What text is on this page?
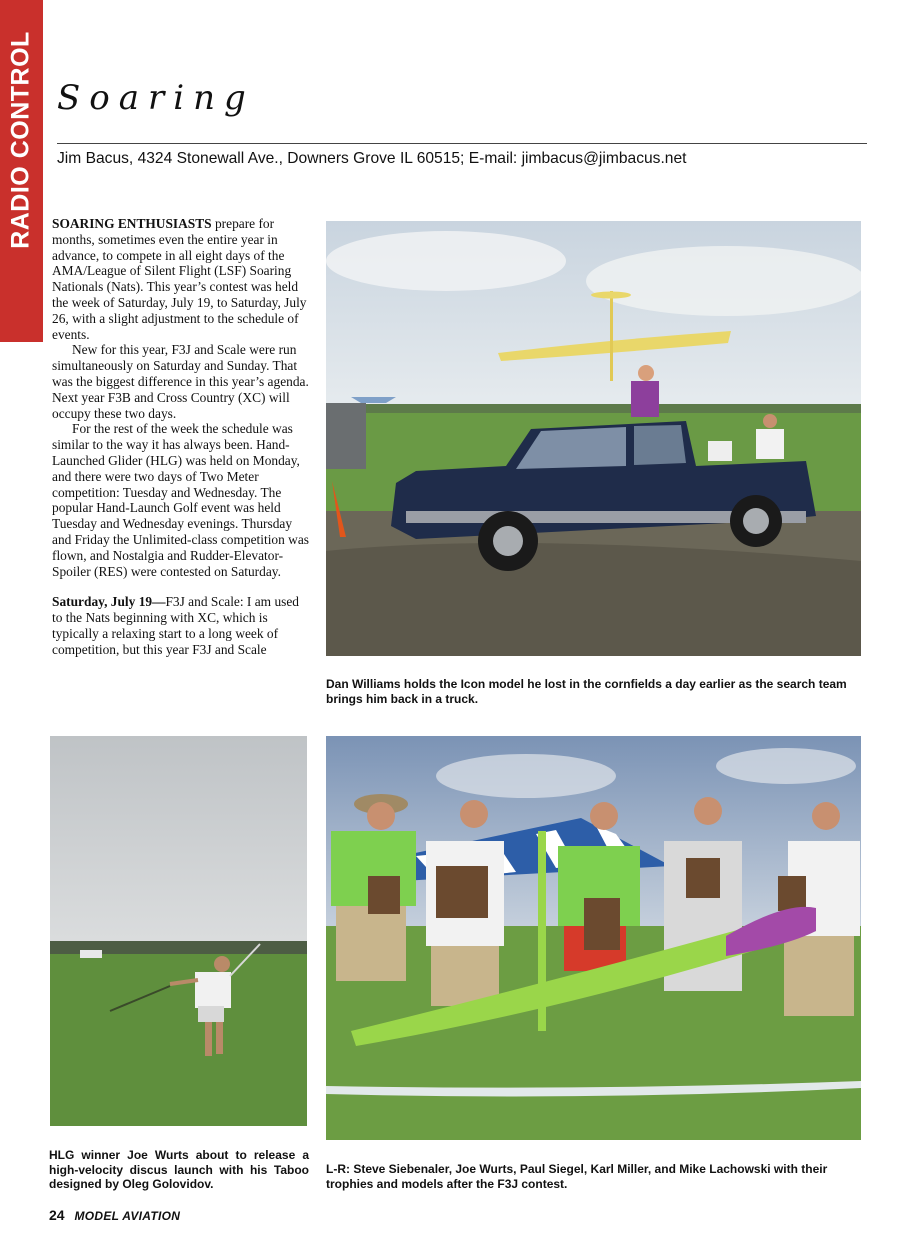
RADIO CONTROL Soaring
Jim Bacus, 4324 Stonewall Ave., Downers Grove IL 60515; E-mail: jimbacus@jimbacus.net

SOARING ENTHUSIASTS prepare for months, sometimes even the entire year in advance, to compete in all eight days of the AMA/League of Silent Flight (LSF) Soaring Nationals (Nats). This year’s contest was held the week of Saturday, July 19, to Saturday, July 26, with a slight adjustment to the schedule of events.

New for this year, F3J and Scale were run simultaneously on Saturday and Sunday. That was the biggest difference in this year’s agenda. Next year F3B and Cross Country (XC) will occupy these two days.

For the rest of the week the schedule was similar to the way it has always been. Hand-Launched Glider (HLG) was held on Monday, and there were two days of Two Meter competition: Tuesday and Wednesday. The popular Hand-Launch Golf event was held Tuesday and Wednesday evenings. Thursday and Friday the Unlimited-class competition was flown, and Nostalgia and Rudder-Elevator-Spoiler (RES) were contested on Saturday.

Saturday, July 19—F3J and Scale: I am used to the Nats beginning with XC, which is typically a relaxing start to a long week of competition, but this year F3J and Scale

Dan Williams holds the Icon model he lost in the cornfields a day earlier as the search team brings him back in a truck.
HLG winner Joe Wurts about to release a high-velocity discus launch with his Taboo designed by Oleg Golovidov.
L-R: Steve Siebenaler, Joe Wurts, Paul Siegel, Karl Miller, and Mike Lachowski with their trophies and models after the F3J contest.
24 MODEL AVIATION
